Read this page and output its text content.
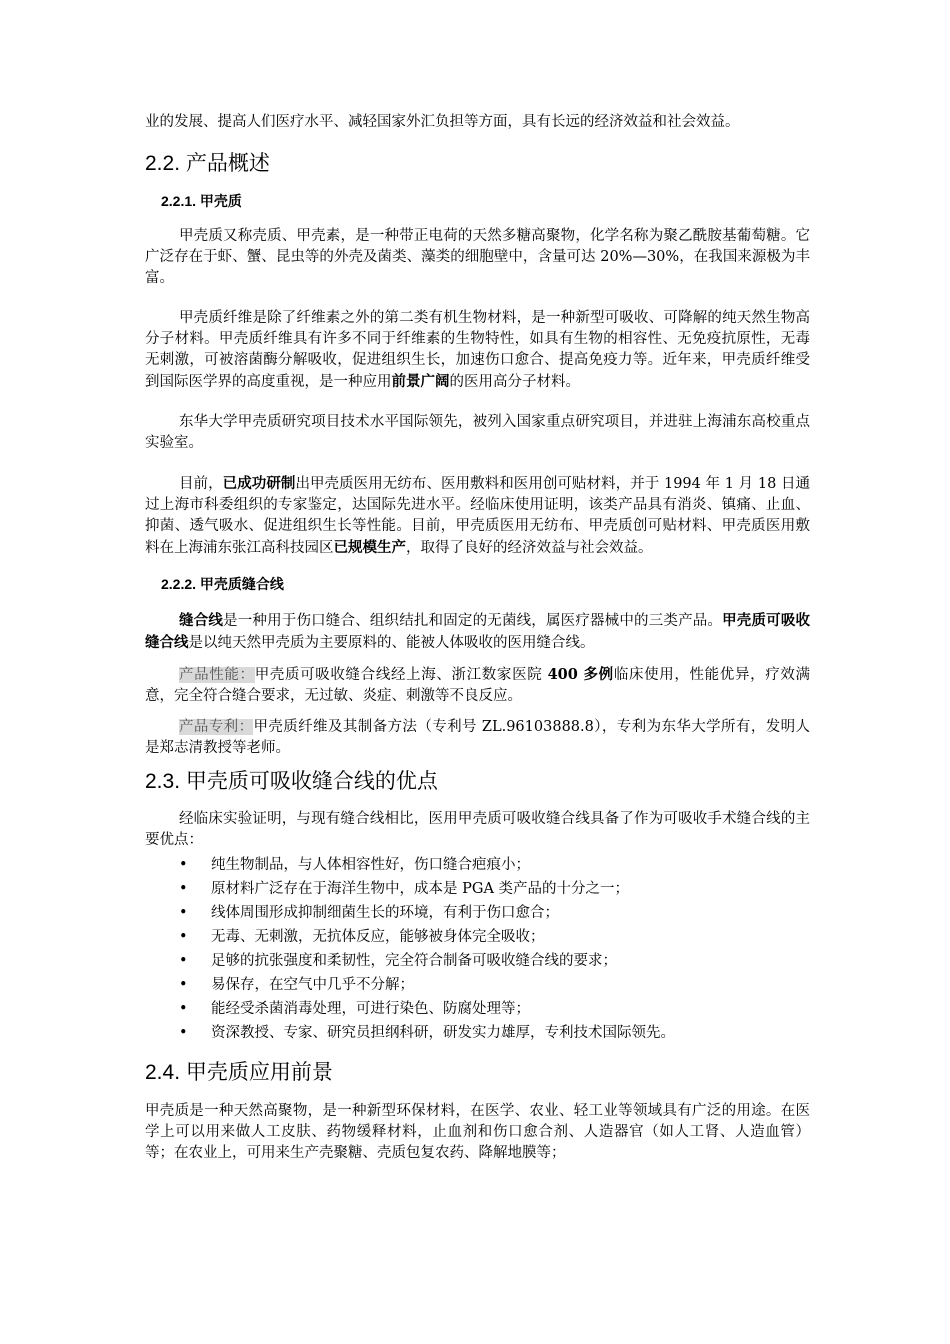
业的发展、提高人们医疗水平、减轻国家外汇负担等方面，具有长远的经济效益和社会效益。

2.2. 产品概述
2.2.1. 甲壳质

甲壳质又称壳质、甲壳素，是一种带正电荷的天然多糖高聚物，化学名称为聚乙酰胺基葡萄糖。它广泛存在于虾、蟹、昆虫等的外壳及菌类、藻类的细胞壁中，含量可达 20%—30%，在我国来源极为丰富。

甲壳质纤维是除了纤维素之外的第二类有机生物材料，是一种新型可吸收、可降解的纯天然生物高分子材料。甲壳质纤维具有许多不同于纤维素的生物特性，如具有生物的相容性、无免疫抗原性，无毒无刺激，可被溶菌酶分解吸收，促进组织生长，加速伤口愈合、提高免疫力等。近年来，甲壳质纤维受到国际医学界的高度重视，是一种应用前景广阔的医用高分子材料。

东华大学甲壳质研究项目技术水平国际领先，被列入国家重点研究项目，并进驻上海浦东高校重点实验室。

目前，已成功研制出甲壳质医用无纺布、医用敷料和医用创可贴材料，并于 1994 年 1 月 18 日通过上海市科委组织的专家鉴定，达国际先进水平。经临床使用证明，该类产品具有消炎、镇痛、止血、抑菌、透气吸水、促进组织生长等性能。目前，甲壳质医用无纺布、甲壳质创可贴材料、甲壳质医用敷料在上海浦东张江高科技园区已规模生产，取得了良好的经济效益与社会效益。

2.2.2. 甲壳质缝合线

缝合线是一种用于伤口缝合、组织结扎和固定的无菌线，属医疗器械中的三类产品。甲壳质可吸收缝合线是以纯天然甲壳质为主要原料的、能被人体吸收的医用缝合线。

产品性能：甲壳质可吸收缝合线经上海、浙江数家医院 400 多例临床使用，性能优异，疗效满意，完全符合缝合要求，无过敏、炎症、刺激等不良反应。

产品专利：甲壳质纤维及其制备方法（专利号 ZL.96103888.8），专利为东华大学所有，发明人是郑志清教授等老师。

2.3. 甲壳质可吸收缝合线的优点

经临床实验证明，与现有缝合线相比，医用甲壳质可吸收缝合线具备了作为可吸收手术缝合线的主要优点：

• 纯生物制品，与人体相容性好，伤口缝合疤痕小；
• 原材料广泛存在于海洋生物中，成本是 PGA 类产品的十分之一；
• 线体周围形成抑制细菌生长的环境，有利于伤口愈合；
• 无毒、无刺激，无抗体反应，能够被身体完全吸收；
• 足够的抗张强度和柔韧性，完全符合制备可吸收缝合线的要求；
• 易保存，在空气中几乎不分解；
• 能经受杀菌消毒处理，可进行染色、防腐处理等；
• 资深教授、专家、研究员担纲科研，研发实力雄厚，专利技术国际领先。
2.4. 甲壳质应用前景

甲壳质是一种天然高聚物，是一种新型环保材料，在医学、农业、轻工业等领域具有广泛的用途。在医学上可以用来做人工皮肤、药物缓释材料，止血剂和伤口愈合剂、人造器官（如人工肾、人造血管）等；在农业上，可用来生产壳聚糖、壳质包复农药、降解地膜等；
